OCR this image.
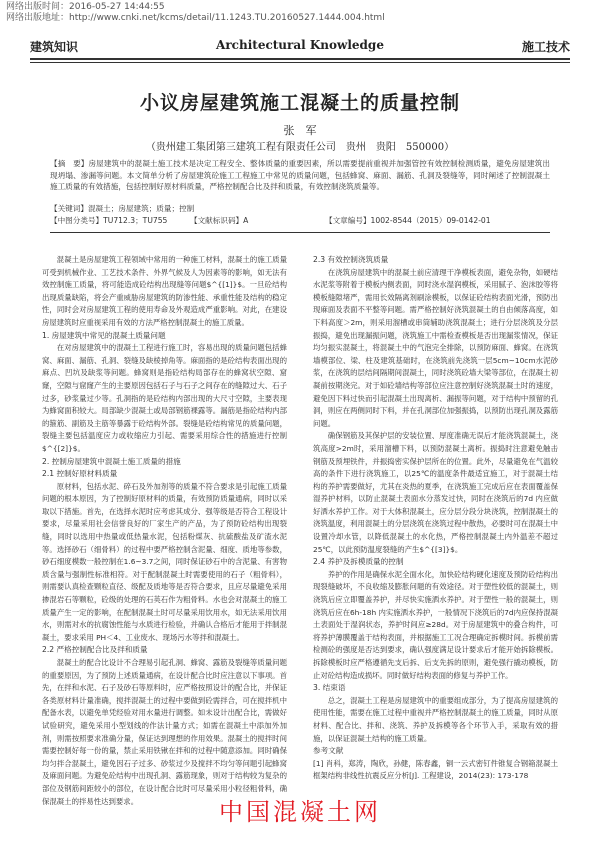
网络出版时间：2016-05-27 14:44:55
网络出版地址：http://www.cnki.net/kcms/detail/11.1243.TU.20160527.1444.004.html
建筑知识	Architectural Knowledge	施工技术
小议房屋建筑施工混凝土的质量控制
张　军
（贵州建工集团第三建筑工程有限责任公司　贵州　贵阳　550000）
【摘　要】房屋建筑中的混凝土施工技术是决定工程安全、整体质量的重要因素，所以需要提前重视并加强管控有效控制检测质量，避免房屋建筑出现坍塌、渗漏等问题。本文简单分析了房屋建筑砼施工工程施工中常见的质量问题，包括蜂窝、麻面、漏筋、孔洞及裂缝等，同时阐述了控制混凝土施工质量的有效措施，包括控制好原材料质量，严格控制配合比及拌和质量，有效控制浇筑质量等。
【关键词】混凝土；房屋建筑；质量；控制
【中图分类号】TU712.3；TU755	【文献标识码】A	【文章编号】1002-8544（2015）09-0142-01

混凝土是房屋建筑工程领域中常用的一种施工材料，混凝土的施工质量可受到机械作业、工艺技术条件、外界气候及人为因素等的影响，如无法有效控制施工质量，将可能造成砼结构出现缝等问题$^{[1]}$。一旦砼结构出现质量缺陷，将会产重威胁房屋建筑的防渗性能、承重性能及结构的稳定性，同时会对房屋建筑工程的使用寿命及外观造成严重影响。对此，在建设房屋建筑时应重视采用有效的方法严格控制混凝土的施工质量。

1. 房屋建筑中常见的混凝土质量问题

在对房屋建筑中的混凝土工程进行施工时，容易出现的质量问题包括蜂窝、麻面、漏筋、孔洞、裂缝及缺棱掉角等。麻面指的是砼结构表面出现的麻点、凹坑及缺浆等问题。蜂窝则是指砼结构局部存在的蜂窝状空隙、窟窿，空隙与窟窿产生的主要原因包括石子与石子之间存在的缝隙过大、石子过多，砂浆量过少等。孔洞指的是砼结构内部出现的大尺寸空隙，主要表现为蜂窝面积较大。局部缺少混凝土或局部钢筋裸露等。漏筋是指砼结构内部的箍筋、副筋及主筋等暴露于砼结构外部。裂缝是砼结构常见的质量问题，裂缝主要包括温度应力或收缩应力引起、需要采用综合性的措施进行控制$^{[2]}$。

2. 控制房屋建筑中混凝土施工质量的措施
2.1 控制好原材料质量

原材料，包括水泥、碎石及外加剂等的质量不符合要求是引起施工质量问题的根本原因，为了控制好原材料的质量，有效预防质量通病，同时以采取以下措施。首先，在选择水泥时应考虑其成分、强等级是否符合工程设计要求，尽量采用社会信誉良好的厂家生产的产品，为了预防砼结构出现裂缝，同时以选用中热量或低热量水泥，包括粉煤灰、抗硫酸盐及矿渣水泥等。选择砂石（细骨料）的过程中要严格控制含泥量、细度、质地等参数，砂石细度模数一般控制在1.6~3.7之间，同时保证砂石中的含泥量、有害物质含量与强制性标准相符。对于配制混凝土时需要使用的石子（粗骨料），则需要认真检查颗粒直径、级配及质地等是否符合要求，且应尽量避免采用掺混岩石等颗粒，砼级的处理的石英石作为粗骨料。水也会对混凝土的施工质量产生一定的影响，在配制混凝土时可尽量采用饮用水，如无法采用饮用水，则需对水的抗腐蚀性能与水质进行检验，并确认合格后才能用于拌制混凝土，要求采用 PH＜4、工业废水、现场污水等拌和混凝土。

2.2 严格控制配合比及拌和质量

混凝土的配合比设计不合理易引起孔洞、蜂窝、露筋及裂缝等质量问题的重要原因，为了预防上述质量通病，在设计配合比时应注意以下事项。首先，在拌和水泥、石子及砂石等原料时，应严格按照设计的配合比，并保证各类原材料计量准确，搅拌混凝土的过程中要做到砼需拌合，可在搅拌机中配备水表，以避免单凭经验对用水量进行调整。如未设计出配合比，需做好试验研究，避免采用小型划线的作法计量方式；如需在混凝土中添加外加剂，则需按照要求准确分量，保证达到理想的作用效果。混凝土的搅拌时间需要控制好每一份的量，禁止采用铁锹在拌和的过程中随意添加。同时确保均匀拌合混凝土，避免因石子过多、砂浆过少及搅拌不均匀等问题引起蜂窝及麻面问题。为避免砼结构中出现孔洞、露筋现象，则对于结构较为复杂的部位及钢筋间距较小的部位，在设计配合比时可尽量采用小粒径粗骨料，确保混凝土的拌易性达到要求。

2.3 有效控制浇筑质量

在浇筑房屋建筑中的混凝土前应清理干净模板表面，避免杂物，如硬结水泥浆等附着于模板内侧表面，同时浇水湿润模板，采用腻子、泡沫胶等将模板缝隙堵严，需用长效隔离剂刷涂模板，以保证砼结构表面光滑，预防出现麻面及表面不平整等问题。需严格控制好浇筑混凝土的自由倾落高度，如下料高度＞2m，则采用溜槽或串筒辅助浇筑混凝土；进行分层浇筑及分层振捣，避免出现漏振问题，浇筑施工中需检查模板是否出现漏浆情况，保证均匀振实混凝土，将混凝土中的气泡完全排除，以预防麻面、蜂窝。在浇筑墙模部位、梁、柱及建筑基础时，在浇筑前先浇筑一层5cm~10cm水泥砂浆，在浇筑的层结间隔期间混凝土，同时浇筑砼墙大梁等部位，在混凝土初凝前按期浇完。对于如砼墙结构等部位应注意控制好浇筑混凝土时的速度，避免因下料过快而引起混凝土出现离析、漏振等问题，对于结构中预留的孔洞，则应在两侧同时下料，并在孔洞部位加强振捣，以预防出现孔洞及露筋问题。

确保钢筋及其保护层的安装位置、厚度准确无误后才能浇筑混凝土，浇筑高度>2m时，采用溜槽下料，以预防混凝土离析。振捣时注意避免触击钢筋及预埋铁件，并振捣密实保护层所在的位置。此外，尽量避免在气温较高的条件下进行浇筑施工，以25℃的温度条件最适宜施工，对于混凝土结构的养护需要做好，尤其在炎热的夏季，在浇筑施工完成后应在表面覆盖保湿养护材料，以防止混凝土表面水分蒸发过快，同时在浇筑后的7d 内应做好洒水养护工作。对于大体积混凝土，应分层分段分块浇筑，控制混凝土的浇筑温度，利用混凝土的分层浇筑在浇筑过程中散热，必要时可在混凝土中设置冷却水管，以降低混凝土的水化热，严格控制混凝土内外温差不超过25℃，以此预防温度裂缝的产生$^{[3]}$。

2.4 养护及拆模质量的控制

养护的作用是确保水泥全面水化，加快砼结构硬化速度及预防砼结构出现裂缝破坏，不良收缩及膨胀问题的有效途径。对于塑性较低的混凝土，则浇筑后应立即覆盖养护，并尽快实施洒水养护。对于塑性一般的混凝土，则浇筑后应在6h-18h 内实施洒水养护，一般情况下浇筑后的7d内应保持混凝土表面处于湿润状态，养护时间应≥28d。对于房屋建筑中的叠合构件，可将养护薄膜覆盖于结构表面，并根据施工工况合理确定拆模时间。拆模前需检测砼的强度是否达到要求，确认强度满足设计要求后才能开始拆除模板。拆除模板时应严格遵循先支后拆、后支先拆的原则，避免强行撬动模板，防止对砼结构造成损坏。同时做好结构表面的修复与养护工作。

3. 结束语

总之，混凝土工程是房屋建筑中的重要组成部分，为了提高房屋建筑的使用性能，需要在施工过程中重视并严格控制混凝土的施工质量，同时从原材料、配合比、拌和、浇筑、养护及拆模等各个环节入手，采取有效的措施，以保证混凝土结构的施工质量。

参考文献

[1] 肖科，郑涛，陶欣，孙健，陈春鑫，铜一云式密钉件锥复合钢箱混凝土框架结构非线性抗震反应分析[J]. 工程建设，2014(23): 173-178

中国混凝土网
